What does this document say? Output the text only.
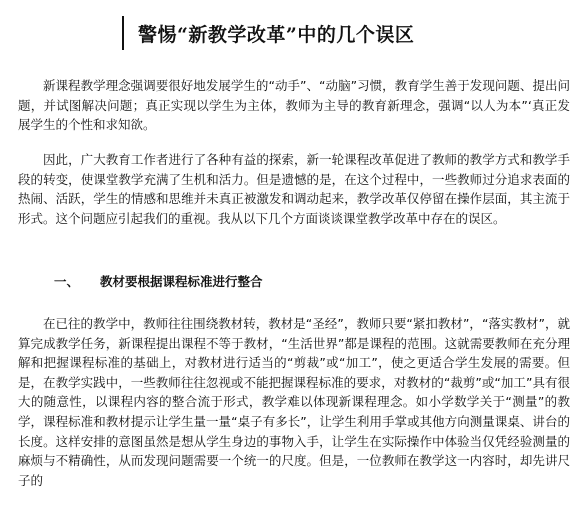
警惕“新教学改革”中的几个误区

新课程教学理念强调要很好地发展学生的“动手”、“动脑”习惯，教育学生善于发现问题、提出问题，并试图解决问题；真正实现以学生为主体，教师为主导的教育新理念，强调“以人为本”‘真正发展学生的个性和求知欲。

因此，广大教育工作者进行了各种有益的探索，新一轮课程改革促进了教师的教学方式和教学手段的转变，使课堂教学充满了生机和活力。但是遗憾的是，在这个过程中，一些教师过分追求表面的热闹、活跃，学生的情感和思维并未真正被激发和调动起来，教学改革仅停留在操作层面，其主流于形式。这个问题应引起我们的重视。我从以下几个方面谈谈课堂教学改革中存在的误区。

一、	教材要根据课程标准进行整合

在已往的教学中，教师往往围绕教材转，教材是“圣经”，教师只要“紧扣教材”，“落实教材”，就算完成教学任务，新课程提出课程不等于教材，“生活世界”都是课程的范围。这就需要教师在充分理解和把握课程标准的基础上，对教材进行适当的“剪裁”或“加工”，使之更适合学生发展的需要。但是，在教学实践中，一些教师往往忽视或不能把握课程标准的要求，对教材的“裁剪”或“加工”具有很大的随意性，以课程内容的整合流于形式，教学难以体现新课程理念。如小学数学关于“测量”的教学，课程标准和教材提示让学生量一量“桌子有多长”，让学生利用手掌或其他方向测量课桌、讲台的长度。这样安排的意图虽然是想从学生身边的事物入手，让学生在实际操作中体验当仅凭经验测量的麻烦与不精确性，从而发现问题需要一个统一的尺度。但是，一位教师在教学这一内容时，却先讲尺子的
